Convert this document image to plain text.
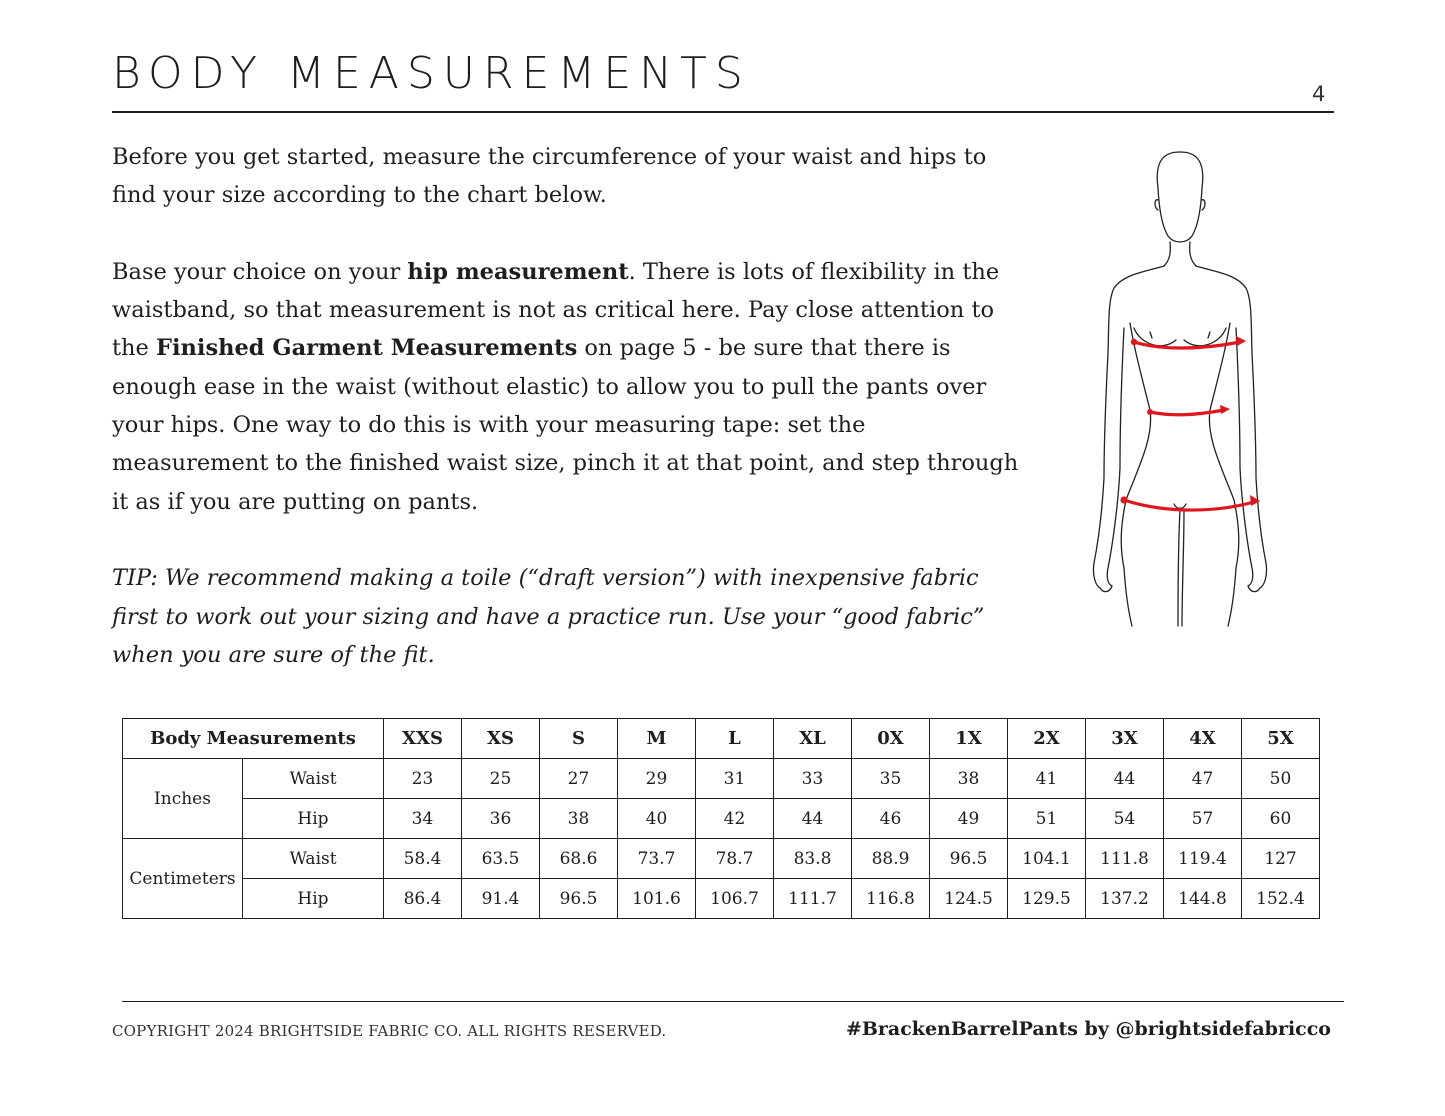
BODY MEASUREMENTS	4

Before you get started, measure the circumference of your waist and hips to find your size according to the chart below.

Base your choice on your hip measurement. There is lots of flexibility in the waistband, so that measurement is not as critical here. Pay close attention to the Finished Garment Measurements on page 5 - be sure that there is enough ease in the waist (without elastic) to allow you to pull the pants over your hips. One way to do this is with your measuring tape: set the measurement to the finished waist size, pinch it at that point, and step through it as if you are putting on pants.

TIP: We recommend making a toile (“draft version”) with inexpensive fabric first to work out your sizing and have a practice run. Use your “good fabric” when you are sure of the fit.

Body Measurements		XXS	XS	S	M	L	XL	0X	1X	2X	3X	4X	5X
Inches	Waist	23	25	27	29	31	33	35	38	41	44	47	50
	Hip	34	36	38	40	42	44	46	49	51	54	57	60
Centimeters	Waist	58.4	63.5	68.6	73.7	78.7	83.8	88.9	96.5	104.1	111.8	119.4	127
	Hip	86.4	91.4	96.5	101.6	106.7	111.7	116.8	124.5	129.5	137.2	144.8	152.4
COPYRIGHT 2024 BRIGHTSIDE FABRIC CO. ALL RIGHTS RESERVED.	#BrackenBarrelPants by @brightsidefabricco
